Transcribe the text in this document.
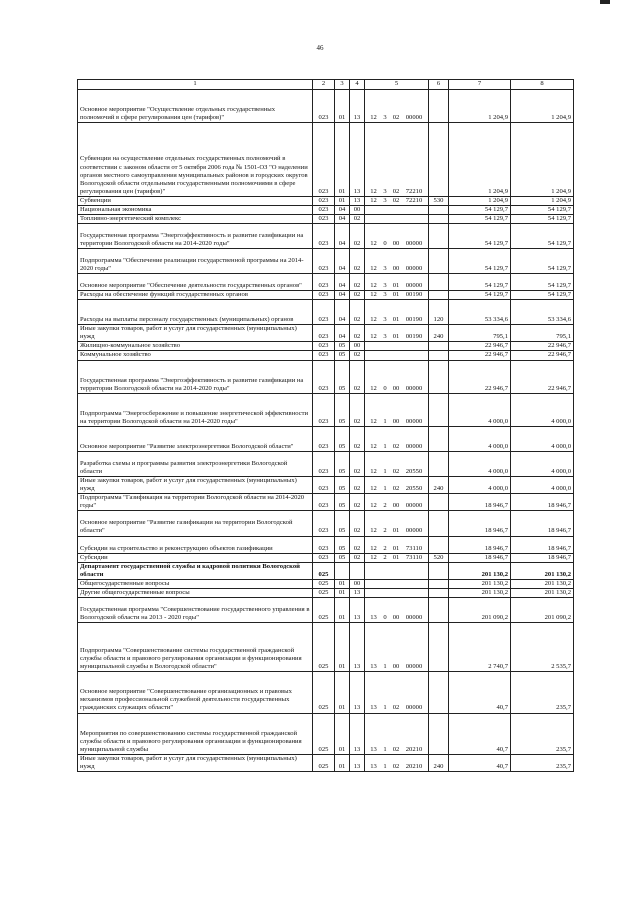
46
1	2	3	4	5	6	7	8
Основное мероприятие "Осуществление отдельных государственных полномочий в сфере регулирования цен (тарифов)"	023	01	13	12 3 02 00000		1 204,9	1 204,9
Субвенции на осуществление отдельных государственных полномочий в соответствии с законом области от 5 октября 2006 года № 1501-ОЗ "О наделении органов местного самоуправления муниципальных районов и городских округов Вологодской области отдельными государственными полномочиями в сфере регулирования цен (тарифов)"	023	01	13	12 3 02 72210		1 204,9	1 204,9
Субвенции	023	01	13	12 3 02 72210	530	1 204,9	1 204,9
Национальная экономика	023	04	00			54 129,7	54 129,7
Топливно-энергетический комплекс	023	04	02			54 129,7	54 129,7
Государственная программа "Энергоэффективность и развитие газификации на территории Вологодской области на 2014-2020 годы"	023	04	02	12 0 00 00000		54 129,7	54 129,7
Подпрограмма "Обеспечение реализации государственной программы на 2014-2020 годы"	023	04	02	12 3 00 00000		54 129,7	54 129,7
Основное мероприятие "Обеспечение деятельности государственных органов"	023	04	02	12 3 01 00000		54 129,7	54 129,7
Расходы на обеспечение функций государственных органов	023	04	02	12 3 01 00190		54 129,7	54 129,7
Расходы на выплаты персоналу государственных (муниципальных) органов	023	04	02	12 3 01 00190	120	53 334,6	53 334,6
Иные закупки товаров, работ и услуг для государственных (муниципальных) нужд	023	04	02	12 3 01 00190	240	795,1	795,1
Жилищно-коммунальное хозяйство	023	05	00			22 946,7	22 946,7
Коммунальное хозяйство	023	05	02			22 946,7	22 946,7
Государственная программа "Энергоэффективность и развитие газификации на территории Вологодской области на 2014-2020 годы"	023	05	02	12 0 00 00000		22 946,7	22 946,7
Подпрограмма "Энергосбережение и повышение энергетической эффективности на территории Вологодской области на 2014-2020 годы"	023	05	02	12 1 00 00000		4 000,0	4 000,0
Основное мероприятие "Развитие электроэнергетики Вологодской области"	023	05	02	12 1 02 00000		4 000,0	4 000,0
Разработка схемы и программы развития электроэнергетики Вологодской области	023	05	02	12 1 02 20550		4 000,0	4 000,0
Иные закупки товаров, работ и услуг для государственных (муниципальных) нужд	023	05	02	12 1 02 20550	240	4 000,0	4 000,0
Подпрограмма "Газификация на территории Вологодской области на 2014-2020 годы"	023	05	02	12 2 00 00000		18 946,7	18 946,7
Основное мероприятие "Развитие газификации на территории Вологодской области"	023	05	02	12 2 01 00000		18 946,7	18 946,7
Субсидии на строительство и реконструкцию объектов газификации	023	05	02	12 2 01 73110		18 946,7	18 946,7
Субсидии	023	05	02	12 2 01 73110	520	18 946,7	18 946,7
Департамент государственной службы и кадровой политики Вологодской области	025					201 130,2	201 130,2
Общегосударственные вопросы	025	01	00			201 130,2	201 130,2
Другие общегосударственные вопросы	025	01	13			201 130,2	201 130,2
Государственная программа "Совершенствование государственного управления в Вологодской области на 2013 - 2020 годы"	025	01	13	13 0 00 00000		201 090,2	201 090,2
Подпрограмма "Совершенствование системы государственной гражданской службы области и правового регулирования организации и функционирования муниципальной службы в Вологодской области"	025	01	13	13 1 00 00000		2 740,7	2 535,7
Основное мероприятие "Совершенствование организационных и правовых механизмов профессиональной служебной деятельности государственных гражданских служащих области"	025	01	13	13 1 02 00000		40,7	235,7
Мероприятия по совершенствованию системы государственной гражданской службы области и правового регулирования организации и функционирования муниципальной службы	025	01	13	13 1 02 20210		40,7	235,7
Иные закупки товаров, работ и услуг для государственных (муниципальных) нужд	025	01	13	13 1 02 20210	240	40,7	235,7
